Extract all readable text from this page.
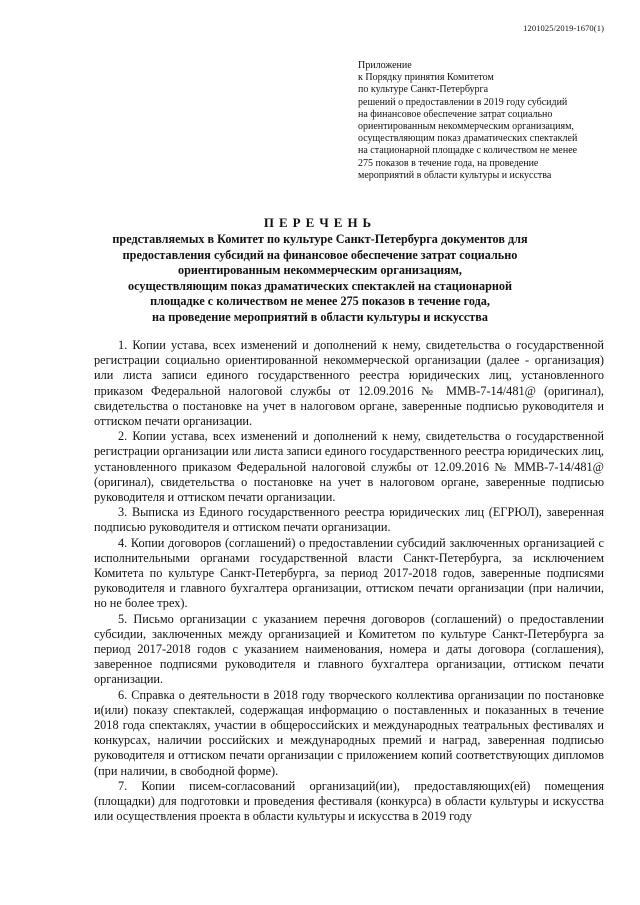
1201025/2019-1670(1)
Приложение
к Порядку принятия Комитетом
по культуре Санкт-Петербурга
решений о предоставлении в 2019 году субсидий
на финансовое обеспечение затрат социально
ориентированным некоммерческим организациям,
осуществляющим показ драматических спектаклей
на стационарной площадке с количеством не менее
275 показов в течение года, на проведение
мероприятий в области культуры и искусства
ПЕРЕЧЕНЬ
представляемых в Комитет по культуре Санкт-Петербурга документов для
предоставления субсидий на финансовое обеспечение затрат социально
ориентированным некоммерческим организациям,
осуществляющим показ драматических спектаклей на стационарной
площадке с количеством не менее 275 показов в течение года,
на проведение мероприятий в области культуры и искусства

1. Копии устава, всех изменений и дополнений к нему, свидетельства о государственной регистрации социально ориентированной некоммерческой организации (далее - организация) или листа записи единого государственного реестра юридических лиц, установленного приказом Федеральной налоговой службы от 12.09.2016 № ММВ-7-14/481@ (оригинал), свидетельства о постановке на учет в налоговом органе, заверенные подписью руководителя и оттиском печати организации.

2. Копии устава, всех изменений и дополнений к нему, свидетельства о государственной регистрации организации или листа записи единого государственного реестра юридических лиц, установленного приказом Федеральной налоговой службы от 12.09.2016 № ММВ-7-14/481@ (оригинал), свидетельства о постановке на учет в налоговом органе, заверенные подписью руководителя и оттиском печати организации.

3. Выписка из Единого государственного реестра юридических лиц (ЕГРЮЛ), заверенная подписью руководителя и оттиском печати организации.

4. Копии договоров (соглашений) о предоставлении субсидий заключенных организацией с исполнительными органами государственной власти Санкт-Петербурга, за исключением Комитета по культуре Санкт-Петербурга, за период 2017-2018 годов, заверенные подписями руководителя и главного бухгалтера организации, оттиском печати организации (при наличии, но не более трех).

5. Письмо организации с указанием перечня договоров (соглашений) о предоставлении субсидии, заключенных между организацией и Комитетом по культуре Санкт-Петербурга за период 2017-2018 годов с указанием наименования, номера и даты договора (соглашения), заверенное подписями руководителя и главного бухгалтера организации, оттиском печати организации.

6. Справка о деятельности в 2018 году творческого коллектива организации по постановке и(или) показу спектаклей, содержащая информацию о поставленных и показанных в течение 2018 года спектаклях, участии в общероссийских и международных театральных фестивалях и конкурсах, наличии российских и международных премий и наград, заверенная подписью руководителя и оттиском печати организации с приложением копий соответствующих дипломов (при наличии, в свободной форме).

7. Копии писем-согласований организаций(ии), предоставляющих(ей) помещения (площадки) для подготовки и проведения фестиваля (конкурса) в области культуры и искусства или осуществления проекта в области культуры и искусства в 2019 году
